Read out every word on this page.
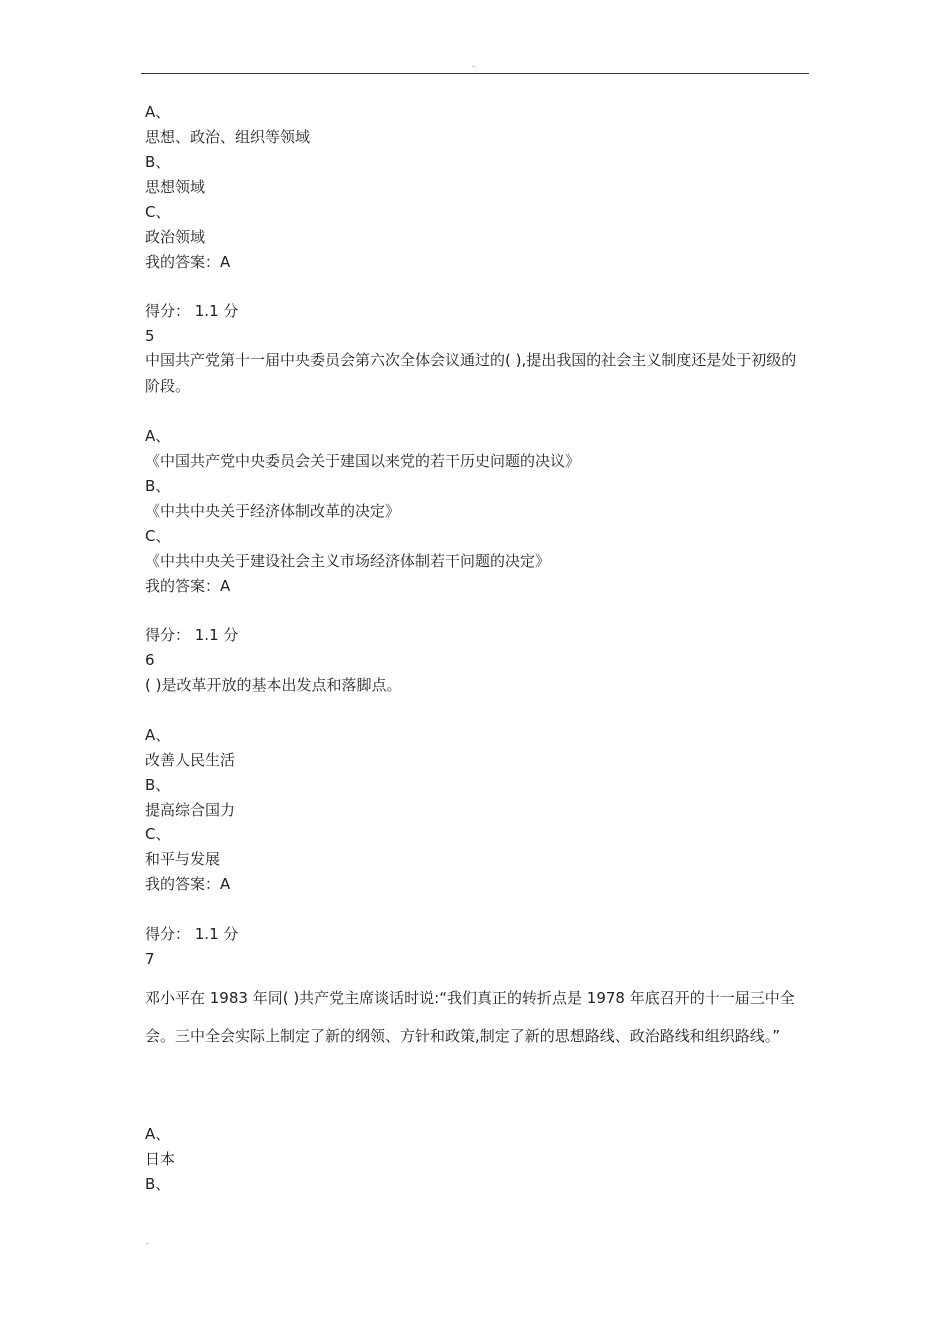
.
A、
思想、政治、组织等领域
B、
思想领域
C、
政治领域
我的答案：A
得分： 1.1 分
5
中国共产党第十一届中央委员会第六次全体会议通过的( ),提出我国的社会主义制度还是处于初级的阶段。
A、
《中国共产党中央委员会关于建国以来党的若干历史问题的决议》
B、
《中共中央关于经济体制改革的决定》
C、
《中共中央关于建设社会主义市场经济体制若干问题的决定》
我的答案：A
得分： 1.1 分
6
( )是改革开放的基本出发点和落脚点。
A、
改善人民生活
B、
提高综合国力
C、
和平与发展
我的答案：A
得分： 1.1 分
7
邓小平在 1983 年同( )共产党主席谈话时说:“我们真正的转折点是 1978 年底召开的十一届三中全会。三中全会实际上制定了新的纲领、方针和政策,制定了新的思想路线、政治路线和组织路线。”
A、
日本
B、
.
